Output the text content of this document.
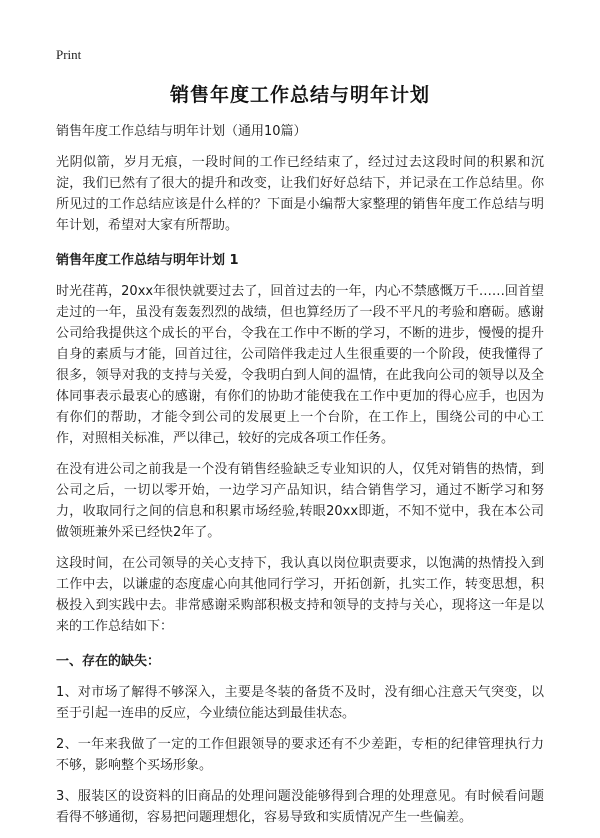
Print
销售年度工作总结与明年计划

销售年度工作总结与明年计划（通用10篇）

光阴似箭，岁月无痕，一段时间的工作已经结束了，经过过去这段时间的积累和沉淀，我们已然有了很大的提升和改变，让我们好好总结下，并记录在工作总结里。你所见过的工作总结应该是什么样的？下面是小编帮大家整理的销售年度工作总结与明年计划，希望对大家有所帮助。

销售年度工作总结与明年计划 1

时光荏苒，20xx年很快就要过去了，回首过去的一年，内心不禁感慨万千……回首望走过的一年，虽没有轰轰烈烈的战绩，但也算经历了一段不平凡的考验和磨砺。感谢公司给我提供这个成长的平台，令我在工作中不断的学习，不断的进步，慢慢的提升自身的素质与才能，回首过往，公司陪伴我走过人生很重要的一个阶段，使我懂得了很多，领导对我的支持与关爱，令我明白到人间的温情，在此我向公司的领导以及全体同事表示最衷心的感谢，有你们的协助才能使我在工作中更加的得心应手，也因为有你们的帮助，才能令到公司的发展更上一个台阶，在工作上，围绕公司的中心工作，对照相关标准，严以律己，较好的完成各项工作任务。

在没有进公司之前我是一个没有销售经验缺乏专业知识的人，仅凭对销售的热情，到公司之后，一切以零开始，一边学习产品知识，结合销售学习，通过不断学习和努力，收取同行之间的信息和积累市场经验,转眼20xx即逝，不知不觉中，我在本公司做领班兼外采已经快2年了。

这段时间，在公司领导的关心支持下，我认真以岗位职责要求，以饱满的热情投入到工作中去，以谦虚的态度虚心向其他同行学习，开拓创新，扎实工作，转变思想，积极投入到实践中去。非常感谢采购部积极支持和领导的支持与关心，现将这一年是以来的工作总结如下：

一、存在的缺失：

1、对市场了解得不够深入，主要是冬装的备货不及时，没有细心注意天气突变，以至于引起一连串的反应，今业绩位能达到最佳状态。

2、一年来我做了一定的工作但跟领导的要求还有不少差距，专柜的纪律管理执行力不够，影响整个买场形象。

3、服装区的设资料的旧商品的处理问题没能够得到合理的处理意见。有时候看问题看得不够通彻，容易把问题理想化，容易导致和实质情况产生一些偏差。
